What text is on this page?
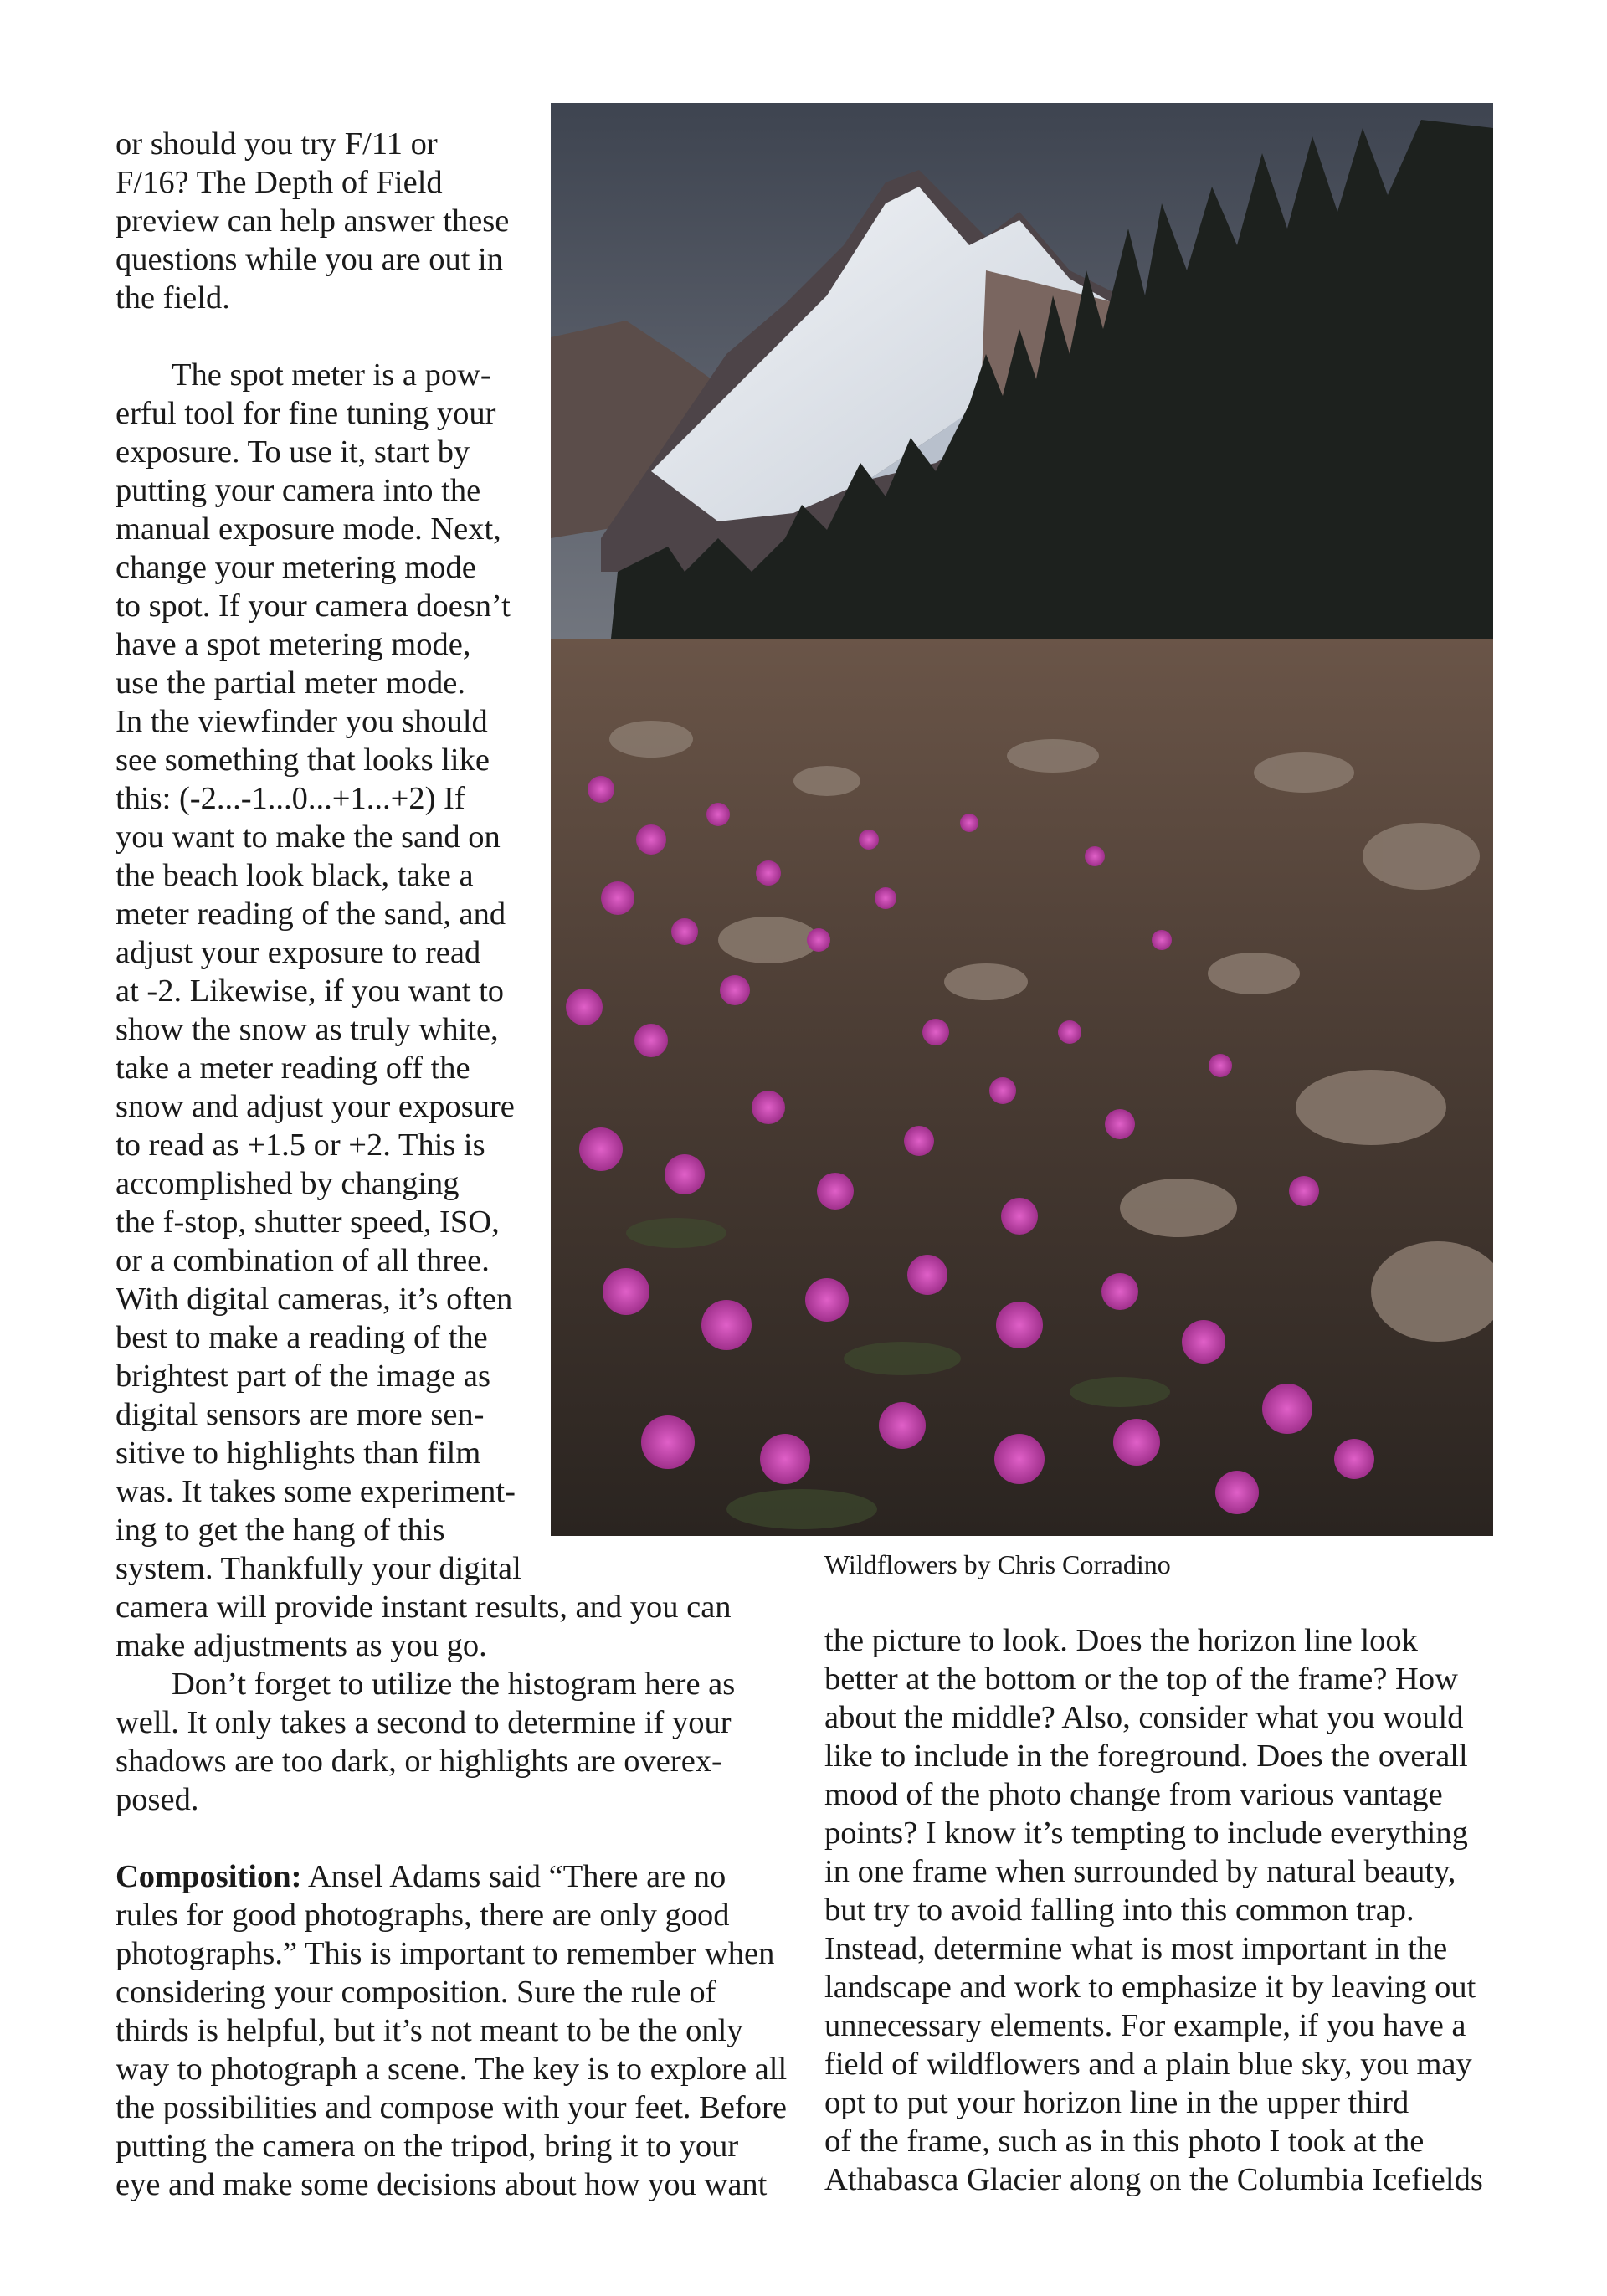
Wildflowers by Chris Corradino
or should you try F/11 or
F/16? The Depth of Field
preview can help answer these
questions while you are out in
the field.
The spot meter is a pow-
erful tool for fine tuning your
exposure. To use it, start by
putting your camera into the
manual exposure mode. Next,
change your metering mode
to spot. If your camera doesn’t
have a spot metering mode,
use the partial meter mode.
In the viewfinder you should
see something that looks like
this: (-2...-1...0...+1...+2) If
you want to make the sand on
the beach look black, take a
meter reading of the sand, and
adjust your exposure to read
at -2. Likewise, if you want to
show the snow as truly white,
take a meter reading off the
snow and adjust your exposure
to read as +1.5 or +2. This is
accomplished by changing
the f-stop, shutter speed, ISO,
or a combination of all three.
With digital cameras, it’s often
best to make a reading of the
brightest part of the image as
digital sensors are more sen-
sitive to highlights than film
was. It takes some experiment-
ing to get the hang of this
system. Thankfully your digital
camera will provide instant results, and you can
make adjustments as you go.
Don’t forget to utilize the histogram here as
well. It only takes a second to determine if your
shadows are too dark, or highlights are overex-
posed.
Composition: Ansel Adams said “There are no
rules for good photographs, there are only good
photographs.” This is important to remember when
considering your composition. Sure the rule of
thirds is helpful, but it’s not meant to be the only
way to photograph a scene. The key is to explore all
the possibilities and compose with your feet. Before
putting the camera on the tripod, bring it to your
eye and make some decisions about how you want
the picture to look. Does the horizon line look
better at the bottom or the top of the frame? How
about the middle? Also, consider what you would
like to include in the foreground. Does the overall
mood of the photo change from various vantage
points? I know it’s tempting to include everything
in one frame when surrounded by natural beauty,
but try to avoid falling into this common trap.
Instead, determine what is most important in the
landscape and work to emphasize it by leaving out
unnecessary elements. For example, if you have a
field of wildflowers and a plain blue sky, you may
opt to put your horizon line in the upper third
of the frame, such as in this photo I took at the
Athabasca Glacier along on the Columbia Icefields
